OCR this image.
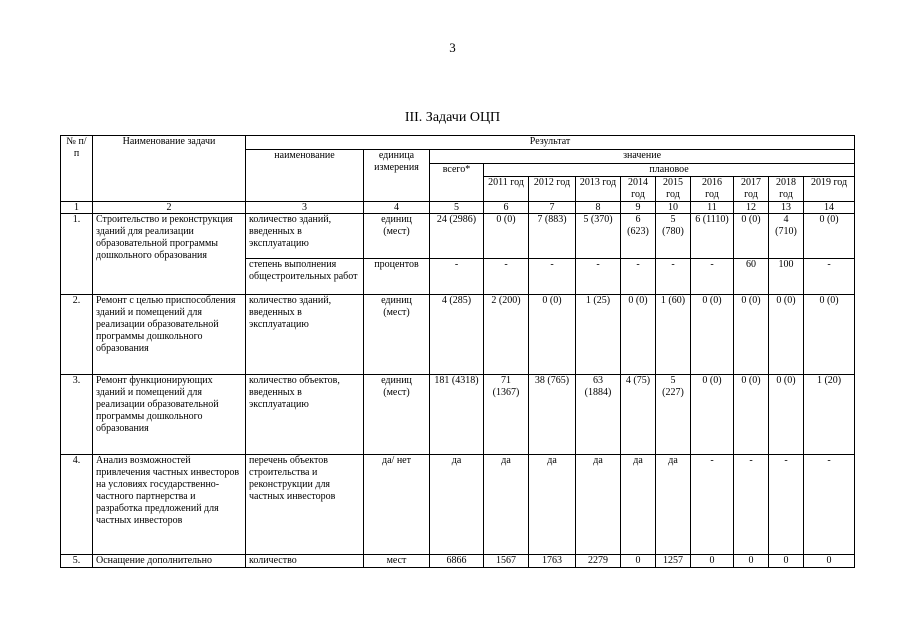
3
III. Задачи ОЦП
№ п/п	Наименование задачи	Результат											
		наименование	единица измерения	значение									
				всего*	плановое								
					2011 год	2012 год	2013 год	2014 год	2015 год	2016 год	2017 год	2018 год	2019 год
1	2	3	4	5	6	7	8	9	10	11	12	13	14
1.	Строительство и реконструкция зданий для реализации образовательной программы дошкольного образования	количество зданий, введенных в эксплуатацию	единиц (мест)	24 (2986)	0 (0)	7 (883)	5 (370)	6 (623)	5 (780)	6 (1110)	0 (0)	4 (710)	0 (0)
		степень выполнения общестроительных работ	процентов	-	-	-	-	-	-	-	60	100	-
2.	Ремонт с целью приспособления зданий и помещений для реализации образовательной программы дошкольного образования	количество зданий, введенных в эксплуатацию	единиц (мест)	4 (285)	2 (200)	0 (0)	1 (25)	0 (0)	1 (60)	0 (0)	0 (0)	0 (0)	0 (0)
3.	Ремонт функционирующих зданий и помещений для реализации образовательной программы дошкольного образования	количество объектов, введенных в эксплуатацию	единиц (мест)	181 (4318)	71 (1367)	38 (765)	63 (1884)	4 (75)	5 (227)	0 (0)	0 (0)	0 (0)	1 (20)
4.	Анализ возможностей привлечения частных инвесторов на условиях государственно-частного партнерства и разработка предложений для частных инвесторов	перечень объектов строительства и реконструкции для частных инвесторов	да/ нет	да	да	да	да	да	да	-	-	-	-
5.	Оснащение дополнительно	количество	мест	6866	1567	1763	2279	0	1257	0	0	0	0
